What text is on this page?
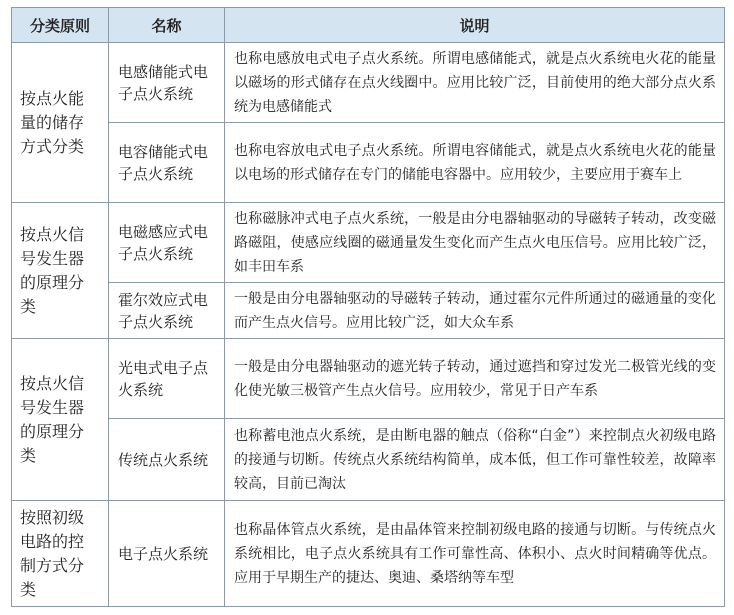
分类原则	名称	说明
按点火能量的储存方式分类	电感储能式电子点火系统	也称电感放电式电子点火系统。所谓电感储能式，就是点火系统电火花的能量以磁场的形式储存在点火线圈中。应用比较广泛，目前使用的绝大部分点火系统为电感储能式
	电容储能式电子点火系统	也称电容放电式电子点火系统。所谓电容储能式，就是点火系统电火花的能量以电场的形式储存在专门的储能电容器中。应用较少，主要应用于赛车上
按点火信号发生器的原理分类	电磁感应式电子点火系统	也称磁脉冲式电子点火系统，一般是由分电器轴驱动的导磁转子转动，改变磁路磁阻，使感应线圈的磁通量发生变化而产生点火电压信号。应用比较广泛，如丰田车系
	霍尔效应式电子点火系统	一般是由分电器轴驱动的导磁转子转动，通过霍尔元件所通过的磁通量的变化而产生点火信号。应用比较广泛，如大众车系
按点火信号发生器的原理分类	光电式电子点火系统	一般是由分电器轴驱动的遮光转子转动，通过遮挡和穿过发光二极管光线的变化使光敏三极管产生点火信号。应用较少，常见于日产车系
	传统点火系统	也称蓄电池点火系统，是由断电器的触点（俗称“白金”）来控制点火初级电路的接通与切断。传统点火系统结构简单，成本低，但工作可靠性较差，故障率较高，目前已淘汰
按照初级电路的控制方式分类	电子点火系统	也称晶体管点火系统，是由晶体管来控制初级电路的接通与切断。与传统点火系统相比，电子点火系统具有工作可靠性高、体积小、点火时间精确等优点。应用于早期生产的捷达、奥迪、桑塔纳等车型
